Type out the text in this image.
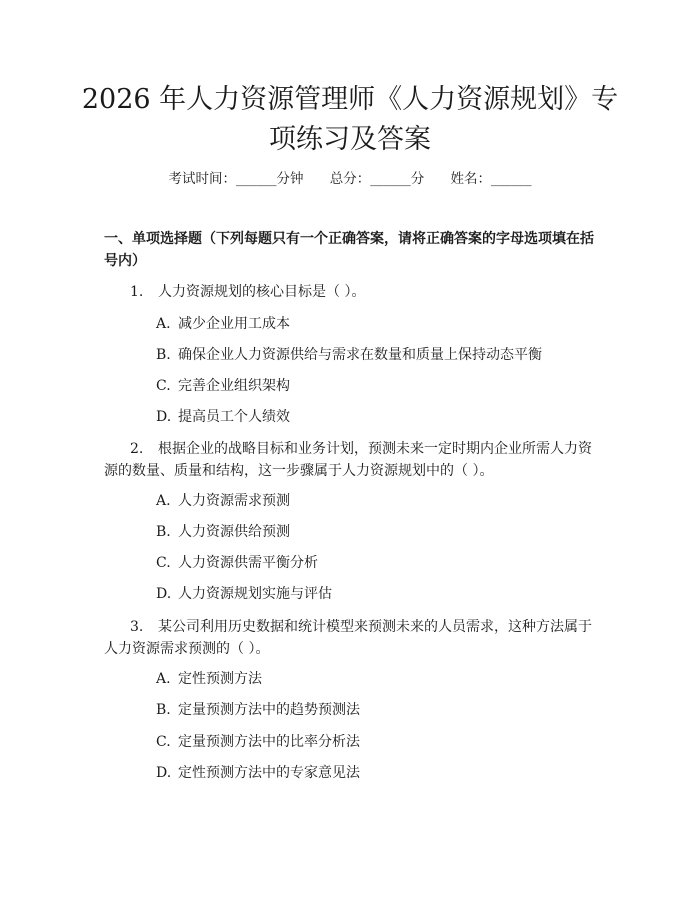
2026 年人力资源管理师《人力资源规划》专项练习及答案
考试时间：______分钟 总分：______分 姓名：______
一、单项选择题（下列每题只有一个正确答案，请将正确答案的字母选项填在括号内）
1. 人力资源规划的核心目标是（ ）。
A. 减少企业用工成本
B. 确保企业人力资源供给与需求在数量和质量上保持动态平衡
C. 完善企业组织架构
D. 提高员工个人绩效
2. 根据企业的战略目标和业务计划，预测未来一定时期内企业所需人力资源的数量、质量和结构，这一步骤属于人力资源规划中的（ ）。
A. 人力资源需求预测
B. 人力资源供给预测
C. 人力资源供需平衡分析
D. 人力资源规划实施与评估
3. 某公司利用历史数据和统计模型来预测未来的人员需求，这种方法属于人力资源需求预测的（ ）。
A. 定性预测方法
B. 定量预测方法中的趋势预测法
C. 定量预测方法中的比率分析法
D. 定性预测方法中的专家意见法
